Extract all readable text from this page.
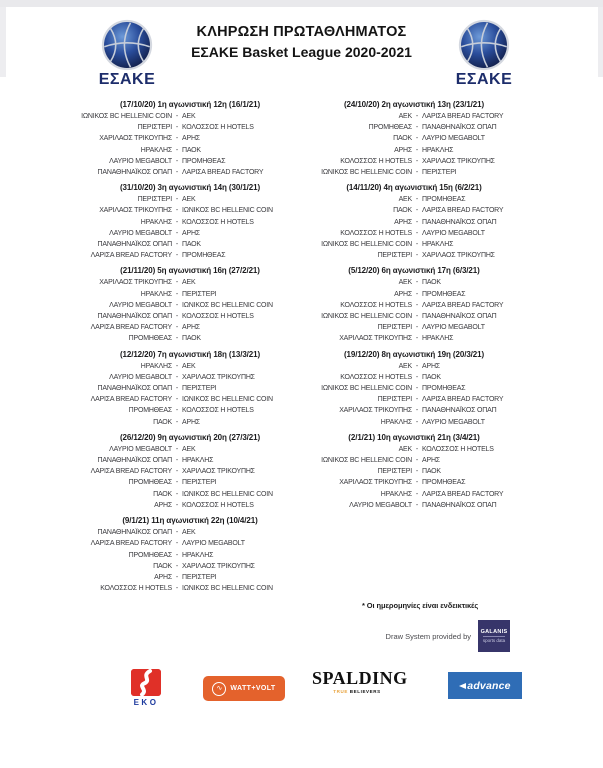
ΕΣΑΚΕ
ΚΛΗΡΩΣΗ ΠΡΩΤΑΘΛΗΜΑΤΟΣ
ΕΣΑΚΕ Basket League 2020-2021
ΕΣΑΚΕ
(17/10/20) 1η αγωνιστική 12η (16/1/21)
ΙΩΝΙΚΟΣ BC HELLENIC COIN - ΑΕΚ
ΠΕΡΙΣΤΕΡΙ - ΚΟΛΟΣΣΟΣ H HOTELS
ΧΑΡΙΛΑΟΣ ΤΡΙΚΟΥΠΗΣ - ΑΡΗΣ
ΗΡΑΚΛΗΣ - ΠΑΟΚ
ΛΑΥΡΙΟ MEGABOLT - ΠΡΟΜΗΘΕΑΣ
ΠΑΝΑΘΗΝΑΪΚΟΣ ΟΠΑΠ - ΛΑΡΙΣΑ BREAD FACTORY
(31/10/20) 3η αγωνιστική 14η (30/1/21)
ΠΕΡΙΣΤΕΡΙ - ΑΕΚ
ΧΑΡΙΛΑΟΣ ΤΡΙΚΟΥΠΗΣ - ΙΩΝΙΚΟΣ BC HELLENIC COIN
ΗΡΑΚΛΗΣ - ΚΟΛΟΣΣΟΣ H HOTELS
ΛΑΥΡΙΟ MEGABOLT - ΑΡΗΣ
ΠΑΝΑΘΗΝΑΪΚΟΣ ΟΠΑΠ - ΠΑΟΚ
ΛΑΡΙΣΑ BREAD FACTORY - ΠΡΟΜΗΘΕΑΣ
(21/11/20) 5η αγωνιστική 16η (27/2/21)
ΧΑΡΙΛΑΟΣ ΤΡΙΚΟΥΠΗΣ - ΑΕΚ
ΗΡΑΚΛΗΣ - ΠΕΡΙΣΤΕΡΙ
ΛΑΥΡΙΟ MEGABOLT - ΙΩΝΙΚΟΣ BC HELLENIC COIN
ΠΑΝΑΘΗΝΑΪΚΟΣ ΟΠΑΠ - ΚΟΛΟΣΣΟΣ H HOTELS
ΛΑΡΙΣΑ BREAD FACTORY - ΑΡΗΣ
ΠΡΟΜΗΘΕΑΣ - ΠΑΟΚ
(12/12/20) 7η αγωνιστική 18η (13/3/21)
ΗΡΑΚΛΗΣ - ΑΕΚ
ΛΑΥΡΙΟ MEGABOLT - ΧΑΡΙΛΑΟΣ ΤΡΙΚΟΥΠΗΣ
ΠΑΝΑΘΗΝΑΪΚΟΣ ΟΠΑΠ - ΠΕΡΙΣΤΕΡΙ
ΛΑΡΙΣΑ BREAD FACTORY - ΙΩΝΙΚΟΣ BC HELLENIC COIN
ΠΡΟΜΗΘΕΑΣ - ΚΟΛΟΣΣΟΣ H HOTELS
ΠΑΟΚ - ΑΡΗΣ
(26/12/20) 9η αγωνιστική 20η (27/3/21)
ΛΑΥΡΙΟ MEGABOLT - ΑΕΚ
ΠΑΝΑΘΗΝΑΪΚΟΣ ΟΠΑΠ - ΗΡΑΚΛΗΣ
ΛΑΡΙΣΑ BREAD FACTORY - ΧΑΡΙΛΑΟΣ ΤΡΙΚΟΥΠΗΣ
ΠΡΟΜΗΘΕΑΣ - ΠΕΡΙΣΤΕΡΙ
ΠΑΟΚ - ΙΩΝΙΚΟΣ BC HELLENIC COIN
ΑΡΗΣ - ΚΟΛΟΣΣΟΣ H HOTELS
(9/1/21) 11η αγωνιστική 22η (10/4/21)
ΠΑΝΑΘΗΝΑΪΚΟΣ ΟΠΑΠ - ΑΕΚ
ΛΑΡΙΣΑ BREAD FACTORY - ΛΑΥΡΙΟ MEGABOLT
ΠΡΟΜΗΘΕΑΣ - ΗΡΑΚΛΗΣ
ΠΑΟΚ - ΧΑΡΙΛΑΟΣ ΤΡΙΚΟΥΠΗΣ
ΑΡΗΣ - ΠΕΡΙΣΤΕΡΙ
ΚΟΛΟΣΣΟΣ H HOTELS - ΙΩΝΙΚΟΣ BC HELLENIC COIN
(24/10/20) 2η αγωνιστική 13η (23/1/21)
ΑΕΚ - ΛΑΡΙΣΑ BREAD FACTORY
ΠΡΟΜΗΘΕΑΣ - ΠΑΝΑΘΗΝΑΪΚΟΣ ΟΠΑΠ
ΠΑΟΚ - ΛΑΥΡΙΟ MEGABOLT
ΑΡΗΣ - ΗΡΑΚΛΗΣ
ΚΟΛΟΣΣΟΣ H HOTELS - ΧΑΡΙΛΑΟΣ ΤΡΙΚΟΥΠΗΣ
ΙΩΝΙΚΟΣ BC HELLENIC COIN - ΠΕΡΙΣΤΕΡΙ
(14/11/20) 4η αγωνιστική 15η (6/2/21)
ΑΕΚ - ΠΡΟΜΗΘΕΑΣ
ΠΑΟΚ - ΛΑΡΙΣΑ BREAD FACTORY
ΑΡΗΣ - ΠΑΝΑΘΗΝΑΪΚΟΣ ΟΠΑΠ
ΚΟΛΟΣΣΟΣ H HOTELS - ΛΑΥΡΙΟ MEGABOLT
ΙΩΝΙΚΟΣ BC HELLENIC COIN - ΗΡΑΚΛΗΣ
ΠΕΡΙΣΤΕΡΙ - ΧΑΡΙΛΑΟΣ ΤΡΙΚΟΥΠΗΣ
(5/12/20) 6η αγωνιστική 17η (6/3/21)
ΑΕΚ - ΠΑΟΚ
ΑΡΗΣ - ΠΡΟΜΗΘΕΑΣ
ΚΟΛΟΣΣΟΣ H HOTELS - ΛΑΡΙΣΑ BREAD FACTORY
ΙΩΝΙΚΟΣ BC HELLENIC COIN - ΠΑΝΑΘΗΝΑΪΚΟΣ ΟΠΑΠ
ΠΕΡΙΣΤΕΡΙ - ΛΑΥΡΙΟ MEGABOLT
ΧΑΡΙΛΑΟΣ ΤΡΙΚΟΥΠΗΣ - ΗΡΑΚΛΗΣ
(19/12/20) 8η αγωνιστική 19η (20/3/21)
ΑΕΚ - ΑΡΗΣ
ΚΟΛΟΣΣΟΣ H HOTELS - ΠΑΟΚ
ΙΩΝΙΚΟΣ BC HELLENIC COIN - ΠΡΟΜΗΘΕΑΣ
ΠΕΡΙΣΤΕΡΙ - ΛΑΡΙΣΑ BREAD FACTORY
ΧΑΡΙΛΑΟΣ ΤΡΙΚΟΥΠΗΣ - ΠΑΝΑΘΗΝΑΪΚΟΣ ΟΠΑΠ
ΗΡΑΚΛΗΣ - ΛΑΥΡΙΟ MEGABOLT
(2/1/21) 10η αγωνιστική 21η (3/4/21)
ΑΕΚ - ΚΟΛΟΣΣΟΣ H HOTELS
ΙΩΝΙΚΟΣ BC HELLENIC COIN - ΑΡΗΣ
ΠΕΡΙΣΤΕΡΙ - ΠΑΟΚ
ΧΑΡΙΛΑΟΣ ΤΡΙΚΟΥΠΗΣ - ΠΡΟΜΗΘΕΑΣ
ΗΡΑΚΛΗΣ - ΛΑΡΙΣΑ BREAD FACTORY
ΛΑΥΡΙΟ MEGABOLT - ΠΑΝΑΘΗΝΑΪΚΟΣ ΟΠΑΠ
* Οι ημερομηνίες είναι ενδεικτικές
Draw System provided by GALANIS
sports data
EKO
∿	WATT+VOLT
SPALDING
TRUE BELIEVERS	advance
